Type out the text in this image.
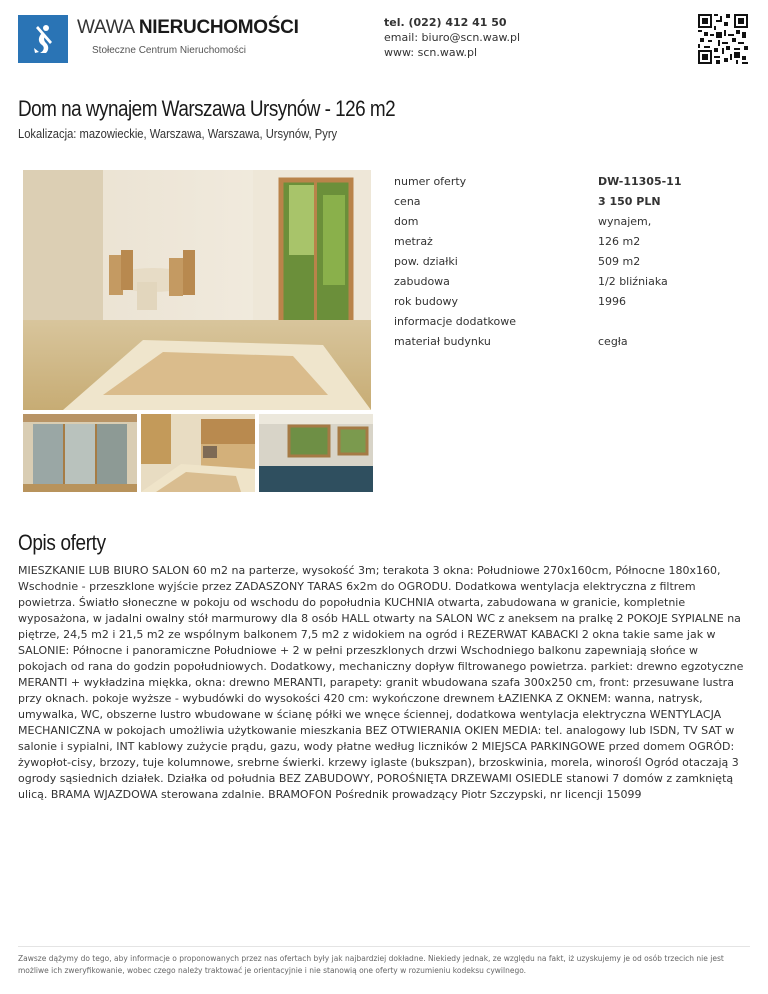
WAWA NIERUCHOMOŚCI
Stołeczne Centrum Nieruchomości
tel. (022) 412 41 50
email: biuro@scn.waw.pl
www: scn.waw.pl
Dom na wynajem Warszawa Ursynów - 126 m2
Lokalizacja: mazowieckie, Warszawa, Warszawa, Ursynów, Pyry
numer oferty	DW-11305-11
cena	3 150 PLN
dom	wynajem,
metraż	126 m2
pow. działki	509 m2
zabudowa	1/2 bliźniaka
rok budowy	1996
informacje dodatkowe
materiał budynku	cegła
Opis oferty
MIESZKANIE LUB BIURO SALON 60 m2 na parterze, wysokość 3m; terakota 3 okna: Południowe 270x160cm, Północne 180x160, Wschodnie - przeszklone wyjście przez ZADASZONY TARAS 6x2m do OGRODU. Dodatkowa wentylacja elektryczna z filtrem powietrza. Światło słoneczne w pokoju od wschodu do popołudnia KUCHNIA otwarta, zabudowana w granicie, kompletnie wyposażona, w jadalni owalny stół marmurowy dla 8 osób HALL otwarty na SALON WC z aneksem na pralkę 2 POKOJE SYPIALNE na piętrze, 24,5 m2 i 21,5 m2 ze wspólnym balkonem 7,5 m2 z widokiem na ogród i REZERWAT KABACKI 2 okna takie same jak w SALONIE: Północne i panoramiczne Południowe + 2 w pełni przeszklonych drzwi Wschodniego balkonu zapewniają słońce w pokojach od rana do godzin popołudniowych. Dodatkowy, mechaniczny dopływ filtrowanego powietrza. parkiet: drewno egzotyczne MERANTI + wykładzina miękka, okna: drewno MERANTI, parapety: granit wbudowana szafa 300x250 cm, front: przesuwane lustra przy oknach. pokoje wyższe - wybudówki do wysokości 420 cm: wykończone drewnem ŁAZIENKA Z OKNEM: wanna, natrysk, umywalka, WC, obszerne lustro wbudowane w ścianę półki we wnęce ściennej, dodatkowa wentylacja elektryczna WENTYLACJA MECHANICZNA w pokojach umożliwia użytkowanie mieszkania BEZ OTWIERANIA OKIEN MEDIA: tel. analogowy lub ISDN, TV SAT w salonie i sypialni, INT kablowy zużycie prądu, gazu, wody płatne według liczników 2 MIEJSCA PARKINGOWE przed domem OGRÓD: żywopłot-cisy, brzozy, tuje kolumnowe, srebrne świerki. krzewy iglaste (bukszpan), brzoskwinia, morela, winorośl Ogród otaczają 3 ogrody sąsiednich działek. Działka od południa BEZ ZABUDOWY, POROŚNIĘTA DRZEWAMI OSIEDLE stanowi 7 domów z zamkniętą ulicą. BRAMA WJAZDOWA sterowana zdalnie. BRAMOFON Pośrednik prowadzący Piotr Szczypski, nr licencji 15099
Zawsze dążymy do tego, aby informacje o proponowanych przez nas ofertach były jak najbardziej dokładne. Niekiedy jednak, ze względu na fakt, iż uzyskujemy je od osób trzecich nie jest możliwe ich zweryfikowanie, wobec czego należy traktować je orientacyjnie i nie stanowią one oferty w rozumieniu kodeksu cywilnego.
